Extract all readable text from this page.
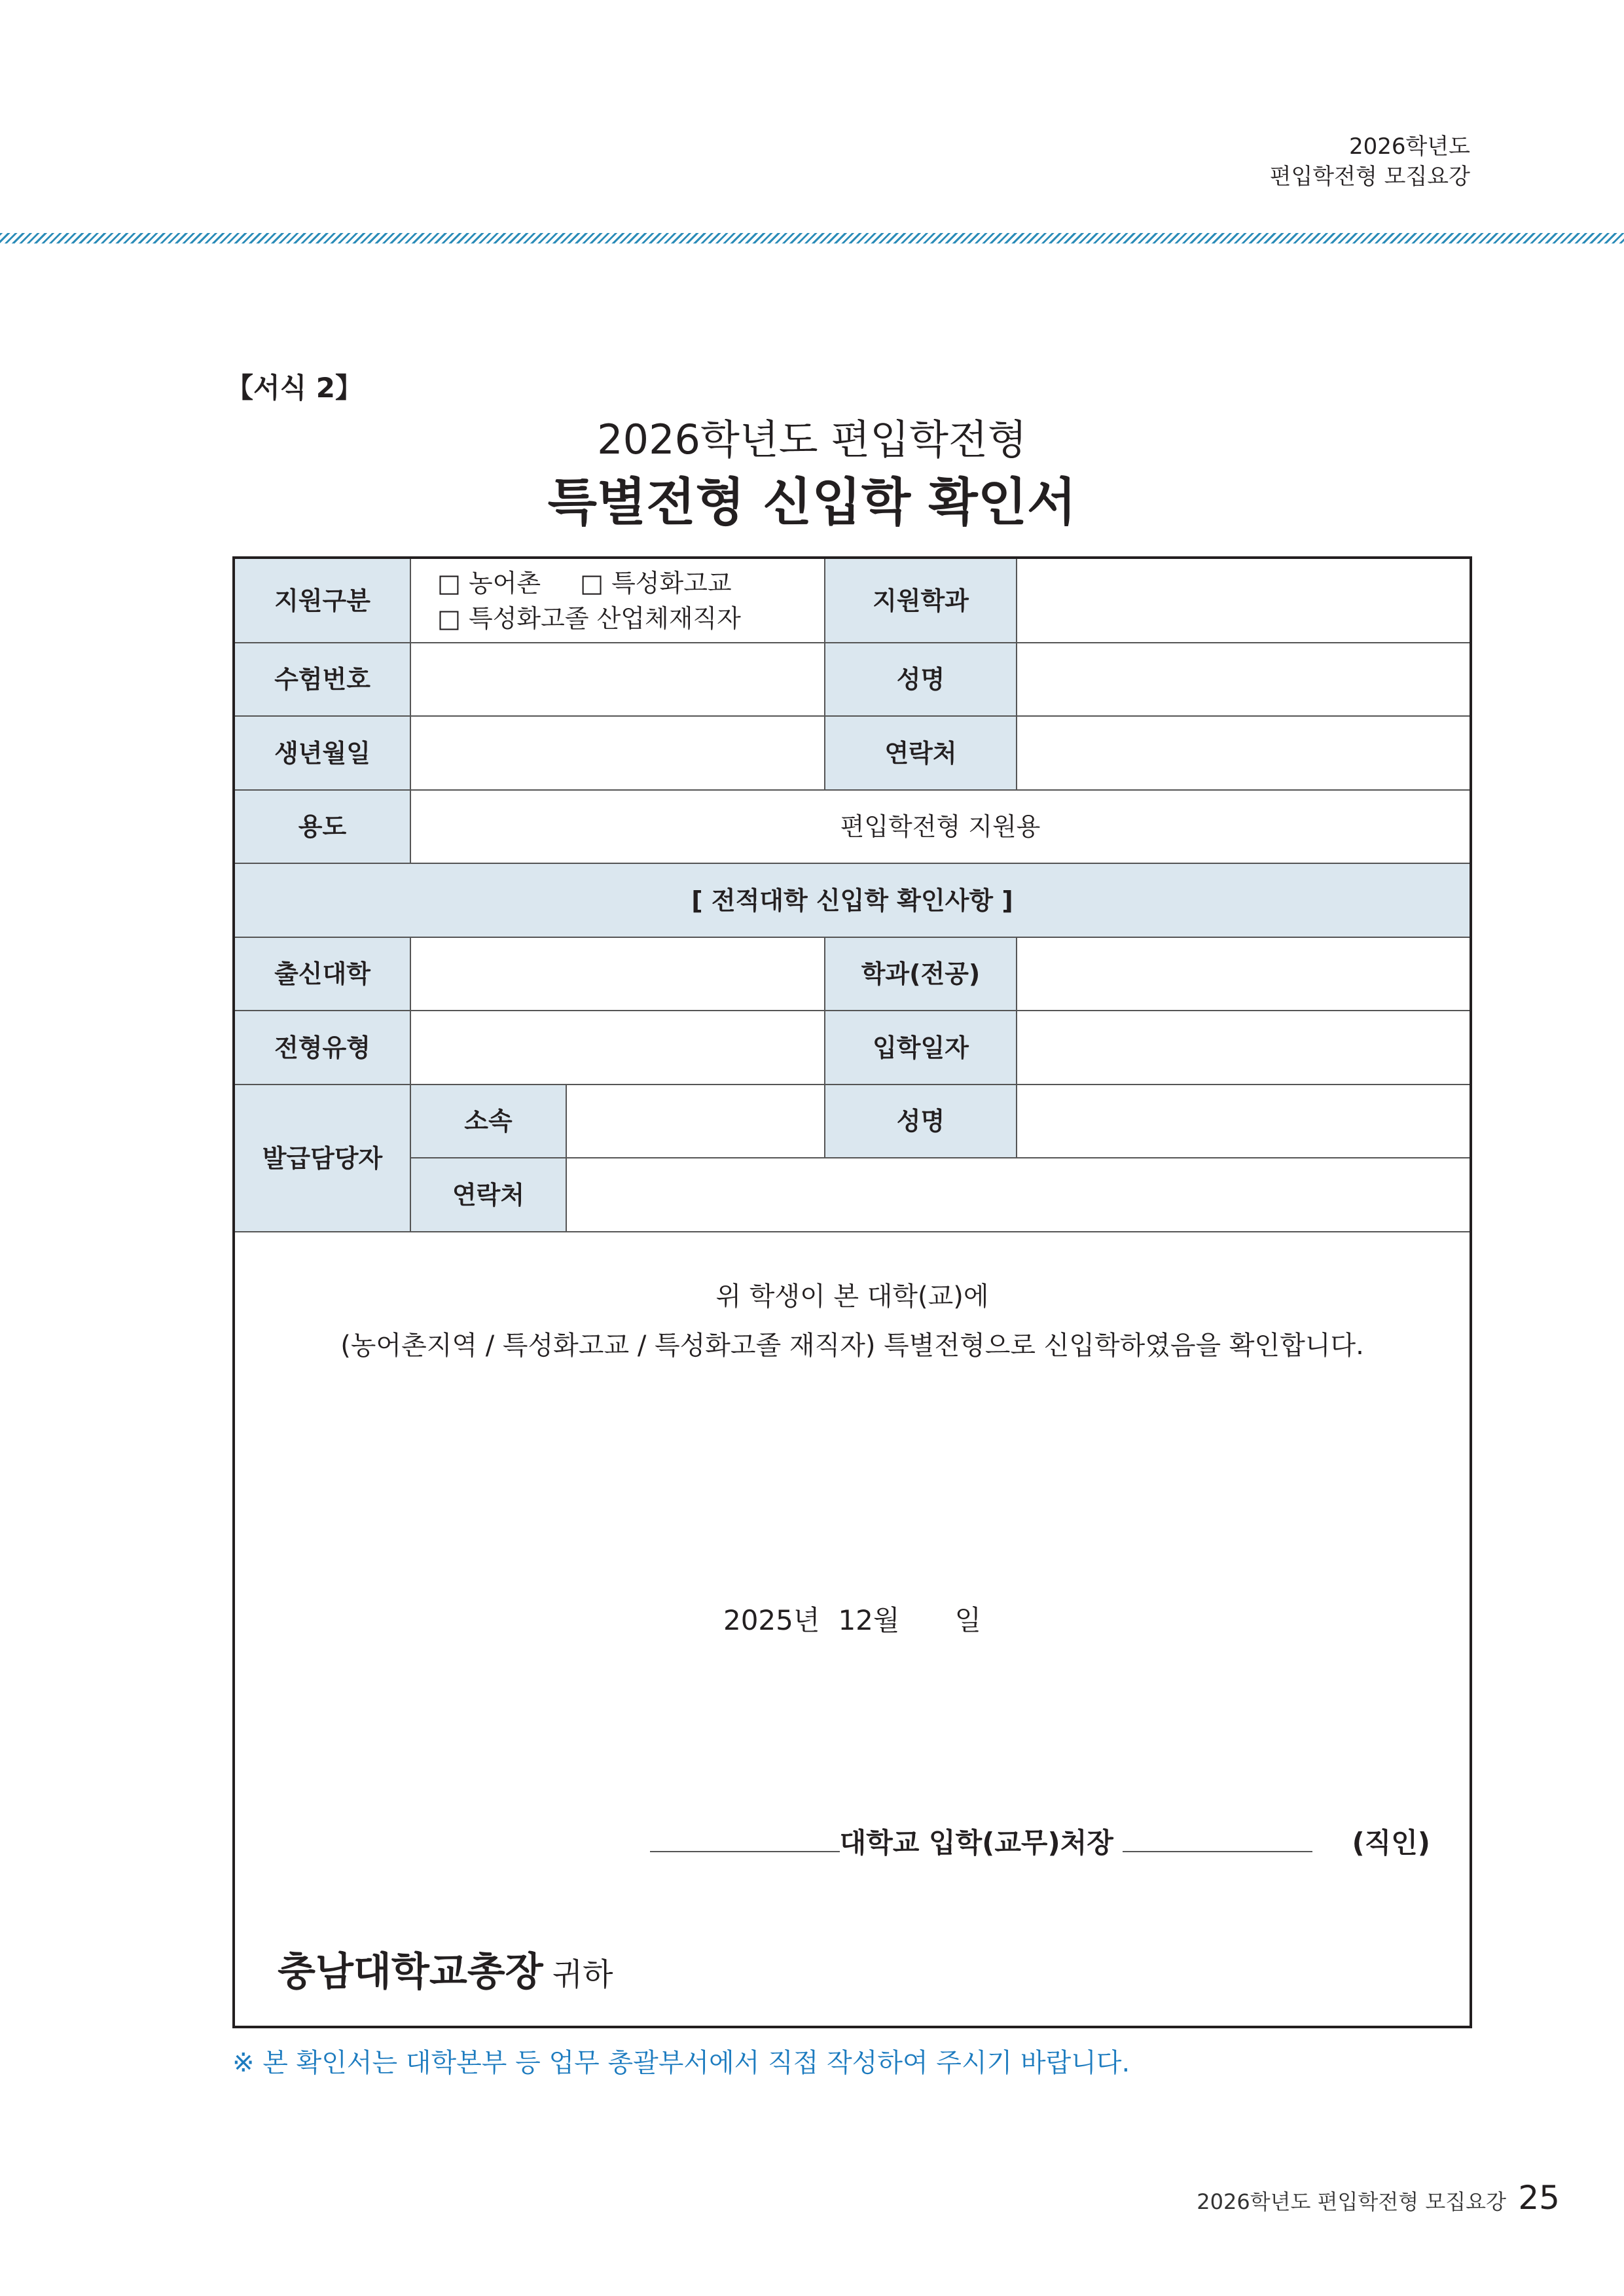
2026학년도
편입학전형 모집요강
【서식 2】
2026학년도 편입학전형
특별전형 신입학 확인서
지원구분	□ 농어촌 □ 특성화고교
□ 특성화고졸 산업체재직자		지원학과	
수험번호			성명	
생년월일			연락처	
용도	편입학전형 지원용			
[ 전적대학 신입학 확인사항 ]				
출신대학			학과(전공)	
전형유형			입학일자	
발급담당자	소속		성명	
	연락처			

위 학생이 본 대학(교)에
(농어촌지역 / 특성화고교 / 특성화고졸 재직자) 특별전형으로 신입학하였음을 확인합니다.
2025년 12월 일
대학교 입학(교무)처장 (직인)
충남대학교총장 귀하				
※ 본 확인서는 대학본부 등 업무 총괄부서에서 직접 작성하여 주시기 바랍니다.
2026학년도 편입학전형 모집요강 25
